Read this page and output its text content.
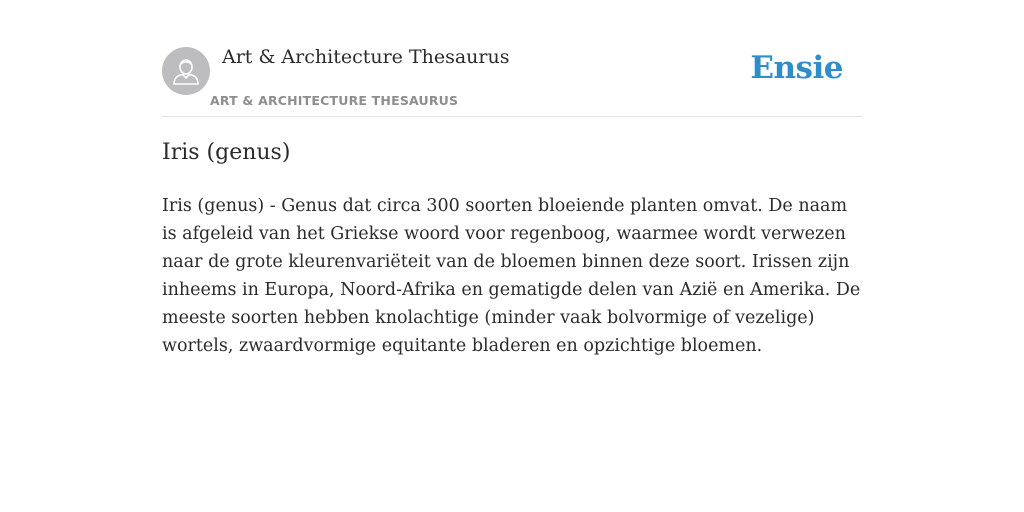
Art & Architecture Thesaurus
ART & ARCHITECTURE THESAURUS
Ensie
Iris (genus)

Iris (genus) - Genus dat circa 300 soorten bloeiende planten omvat. De naam is afgeleid van het Griekse woord voor regenboog, waarmee wordt verwezen naar de grote kleurenvariëteit van de bloemen binnen deze soort. Irissen zijn inheems in Europa, Noord-Afrika en gematigde delen van Azië en Amerika. De meeste soorten hebben knolachtige (minder vaak bolvormige of vezelige) wortels, zwaardvormige equitante bladeren en opzichtige bloemen.
